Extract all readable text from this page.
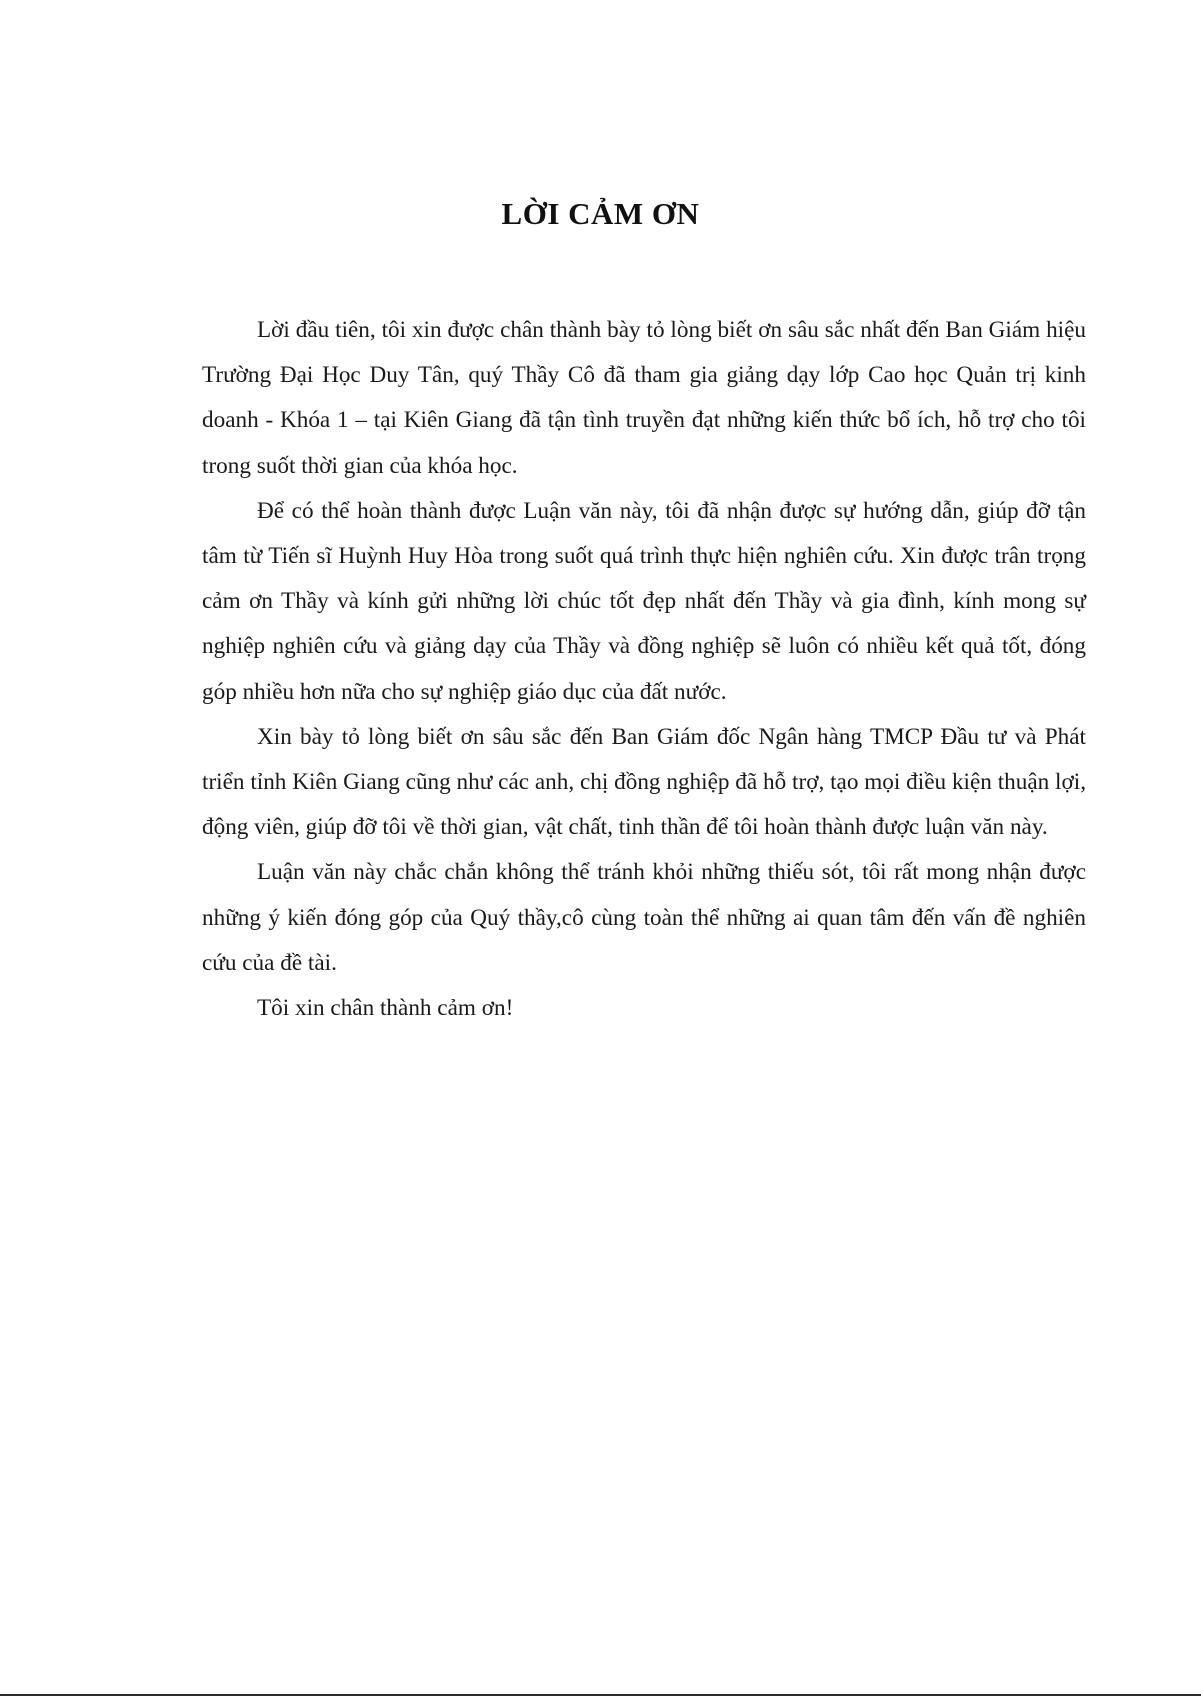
LỜI CẢM ƠN

Lời đầu tiên, tôi xin được chân thành bày tỏ lòng biết ơn sâu sắc nhất đến Ban Giám hiệu Trường Đại Học Duy Tân, quý Thầy Cô đã tham gia giảng dạy lớp Cao học Quản trị kinh doanh - Khóa 1 – tại Kiên Giang đã tận tình truyền đạt những kiến thức bổ ích, hỗ trợ cho tôi trong suốt thời gian của khóa học.

Để có thể hoàn thành được Luận văn này, tôi đã nhận được sự hướng dẫn, giúp đỡ tận tâm từ Tiến sĩ Huỳnh Huy Hòa trong suốt quá trình thực hiện nghiên cứu. Xin được trân trọng cảm ơn Thầy và kính gửi những lời chúc tốt đẹp nhất đến Thầy và gia đình, kính mong sự nghiệp nghiên cứu và giảng dạy của Thầy và đồng nghiệp sẽ luôn có nhiều kết quả tốt, đóng góp nhiều hơn nữa cho sự nghiệp giáo dục của đất nước.

Xin bày tỏ lòng biết ơn sâu sắc đến Ban Giám đốc Ngân hàng TMCP Đầu tư và Phát triển tỉnh Kiên Giang cũng như các anh, chị đồng nghiệp đã hỗ trợ, tạo mọi điều kiện thuận lợi, động viên, giúp đỡ tôi về thời gian, vật chất, tinh thần để tôi hoàn thành được luận văn này.

Luận văn này chắc chắn không thể tránh khỏi những thiếu sót, tôi rất mong nhận được những ý kiến đóng góp của Quý thầy,cô cùng toàn thể những ai quan tâm đến vấn đề nghiên cứu của đề tài.

Tôi xin chân thành cảm ơn!
